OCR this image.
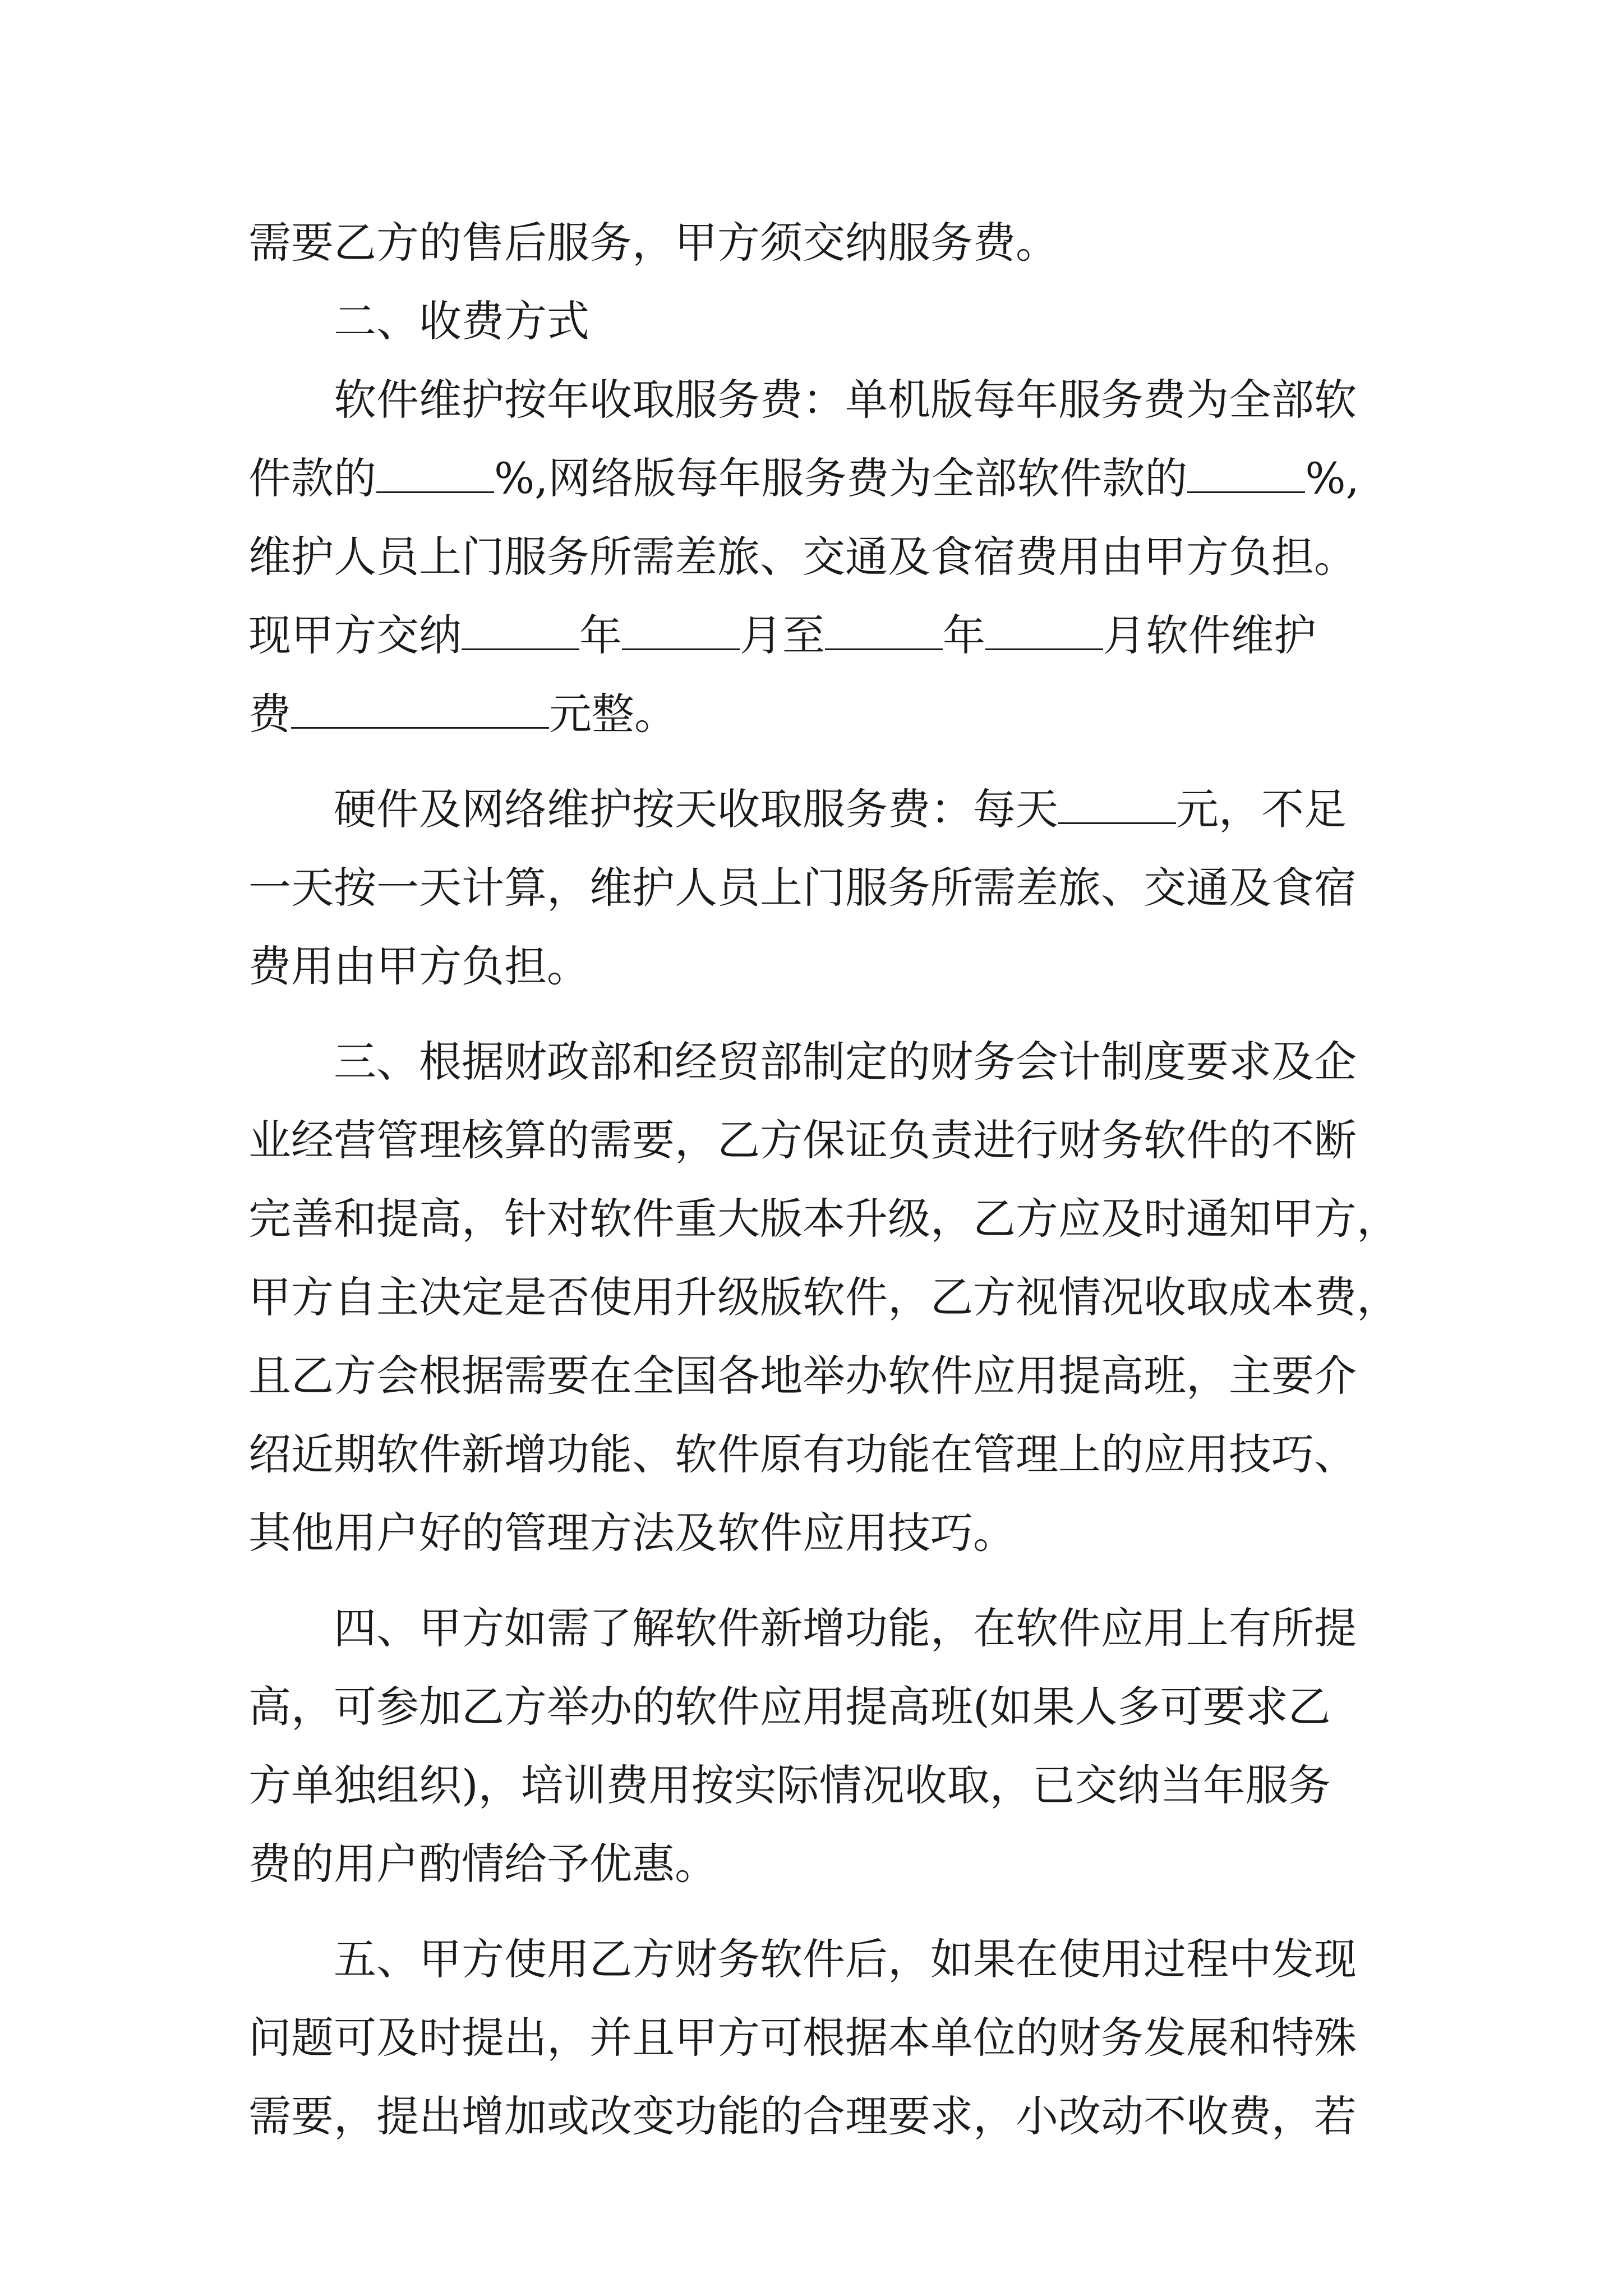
需要乙方的售后服务，甲方须交纳服务费。
二、收费方式
软件维护按年收取服务费：单机版每年服务费为全部软
件款的	%,网络版每年服务费为全部软件款的	%,
维护人员上门服务所需差旅、交通及食宿费用由甲方负担。
现甲方交纳	年	月至	年	月软件维护
费	元整。
硬件及网络维护按天收取服务费：每天	元，不足
一天按一天计算，维护人员上门服务所需差旅、交通及食宿
费用由甲方负担。
三、根据财政部和经贸部制定的财务会计制度要求及企
业经营管理核算的需要，乙方保证负责进行财务软件的不断
完善和提高，针对软件重大版本升级，乙方应及时通知甲方，
甲方自主决定是否使用升级版软件，乙方视情况收取成本费，
且乙方会根据需要在全国各地举办软件应用提高班，主要介
绍近期软件新增功能、软件原有功能在管理上的应用技巧、
其他用户好的管理方法及软件应用技巧。
四、甲方如需了解软件新增功能，在软件应用上有所提
高，可参加乙方举办的软件应用提高班(如果人多可要求乙
方单独组织)，培训费用按实际情况收取，已交纳当年服务
费的用户酌情给予优惠。
五、甲方使用乙方财务软件后，如果在使用过程中发现
问题可及时提出，并且甲方可根据本单位的财务发展和特殊
需要，提出增加或改变功能的合理要求，小改动不收费，若
